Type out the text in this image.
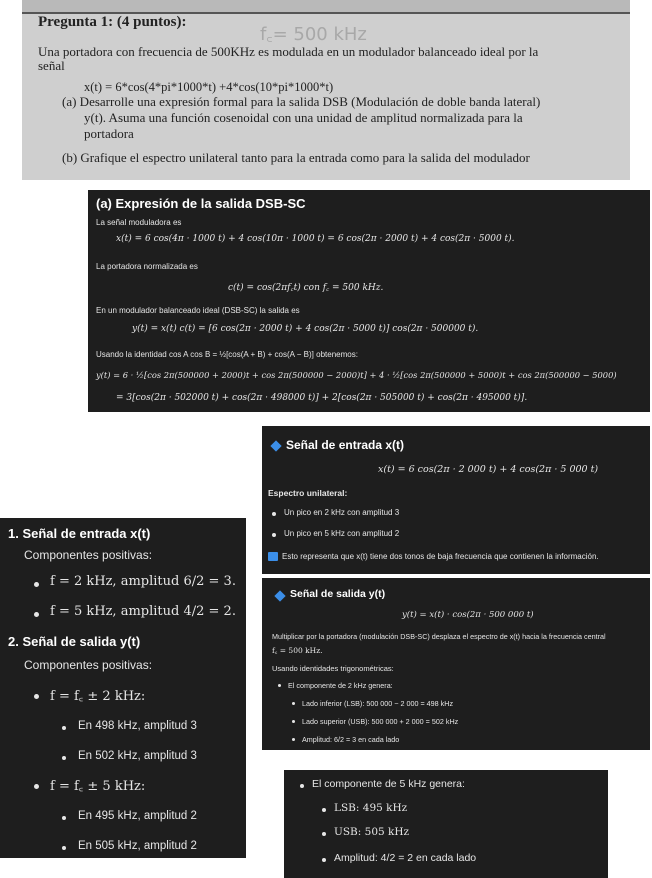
Pregunta 1: (4 puntos):
f꜀= 500 kHz
Una portadora con frecuencia de 500KHz es modulada en un modulador balanceado ideal por la
señal
x(t) = 6*cos(4*pi*1000*t) +4*cos(10*pi*1000*t)
(a) Desarrolle una expresión formal para la salida DSB (Modulación de doble banda lateral)
y(t). Asuma una función cosenoidal con una unidad de amplitud normalizada para la
portadora
(b) Grafique el espectro unilateral tanto para la entrada como para la salida del modulador
(a) Expresión de la salida DSB-SC
La señal moduladora es
x(t) = 6 cos(4π · 1000 t) + 4 cos(10π · 1000 t) = 6 cos(2π · 2000 t) + 4 cos(2π · 5000 t).
La portadora normalizada es
c(t) = cos(2πf꜀t) con f꜀ = 500 kHz.
En un modulador balanceado ideal (DSB-SC) la salida es
y(t) = x(t) c(t) = [6 cos(2π · 2000 t) + 4 cos(2π · 5000 t)] cos(2π · 500000 t).
Usando la identidad cos A cos B = ½[cos(A + B) + cos(A − B)] obtenemos:
y(t) = 6 · ½[cos 2π(500000 + 2000)t + cos 2π(500000 − 2000)t] + 4 · ½[cos 2π(500000 + 5000)t + cos 2π(500000 − 5000)
= 3[cos(2π · 502000 t) + cos(2π · 498000 t)] + 2[cos(2π · 505000 t) + cos(2π · 495000 t)].
Señal de entrada x(t)
x(t) = 6 cos(2π · 2 000 t) + 4 cos(2π · 5 000 t)
Espectro unilateral:
Un pico en 2 kHz con amplitud 3
Un pico en 5 kHz con amplitud 2
Esto representa que x(t) tiene dos tonos de baja frecuencia que contienen la información.
1. Señal de entrada x(t)
Componentes positivas:
f = 2 kHz, amplitud 6/2 = 3.
f = 5 kHz, amplitud 4/2 = 2.
2. Señal de salida y(t)
Componentes positivas:
f = f꜀ ± 2 kHz:
En 498 kHz, amplitud 3
En 502 kHz, amplitud 3
f = f꜀ ± 5 kHz:
En 495 kHz, amplitud 2
En 505 kHz, amplitud 2
Señal de salida y(t)
y(t) = x(t) · cos(2π · 500 000 t)
Multiplicar por la portadora (modulación DSB-SC) desplaza el espectro de x(t) hacia la frecuencia central
f꜀ = 500 kHz.
Usando identidades trigonométricas:
El componente de 2 kHz genera:
Lado inferior (LSB): 500 000 − 2 000 = 498 kHz
Lado superior (USB): 500 000 + 2 000 = 502 kHz
Amplitud: 6/2 = 3 en cada lado
El componente de 5 kHz genera:
LSB: 495 kHz
USB: 505 kHz
Amplitud: 4/2 = 2 en cada lado
